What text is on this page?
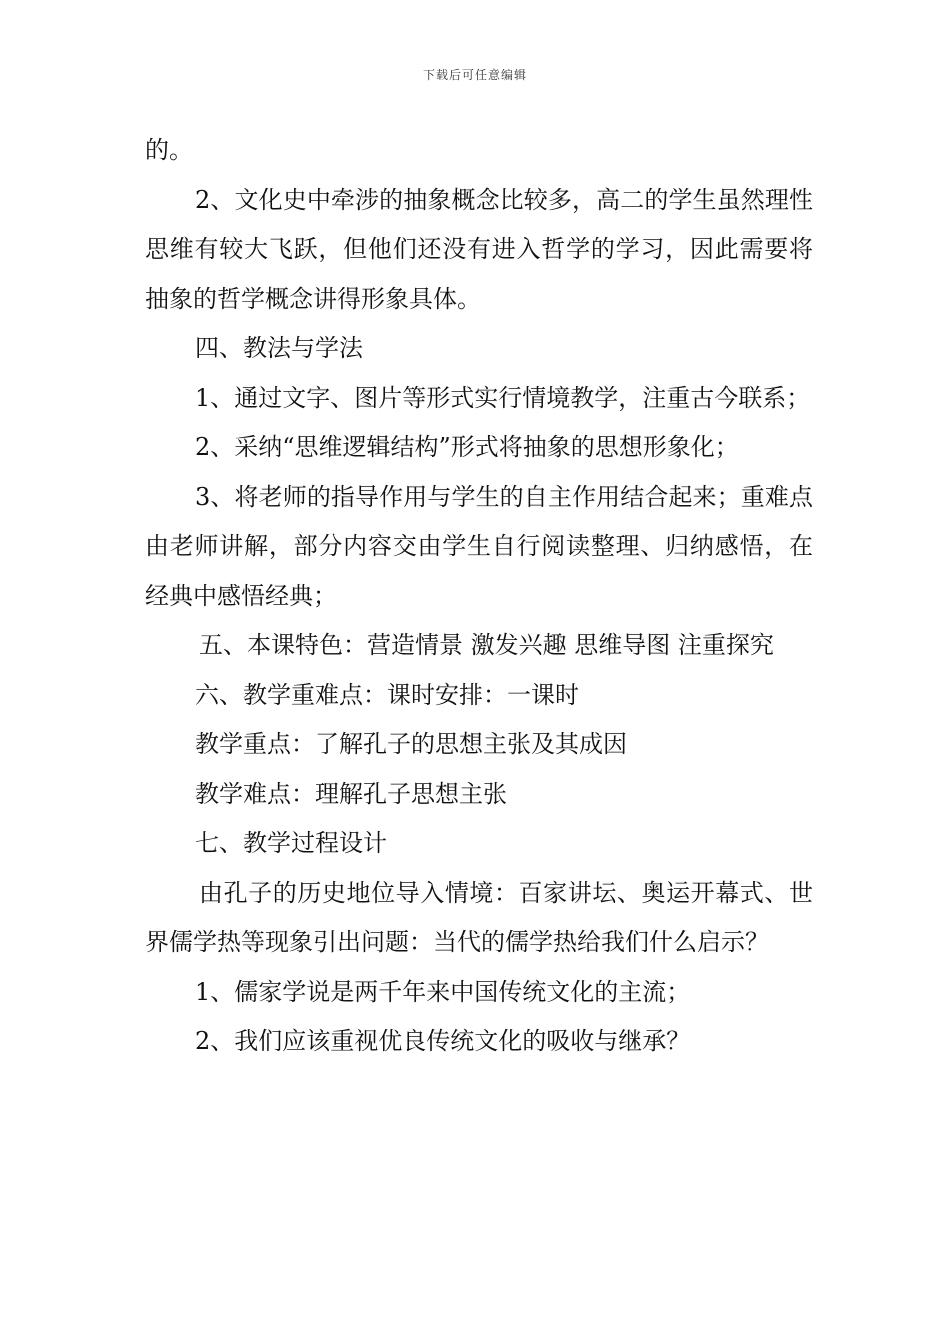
下载后可任意编辑

的。

2、文化史中牵涉的抽象概念比较多，高二的学生虽然理性思维有较大飞跃，但他们还没有进入哲学的学习，因此需要将抽象的哲学概念讲得形象具体。

四、教法与学法

1、通过文字、图片等形式实行情境教学，注重古今联系；

2、采纳“思维逻辑结构”形式将抽象的思想形象化；

3、将老师的指导作用与学生的自主作用结合起来；重难点由老师讲解，部分内容交由学生自行阅读整理、归纳感悟，在经典中感悟经典；

五、本课特色：营造情景 激发兴趣 思维导图 注重探究

六、教学重难点：课时安排：一课时

教学重点：了解孔子的思想主张及其成因

教学难点：理解孔子思想主张

七、教学过程设计

由孔子的历史地位导入情境：百家讲坛、奥运开幕式、世界儒学热等现象引出问题：当代的儒学热给我们什么启示？

1、儒家学说是两千年来中国传统文化的主流；

2、我们应该重视优良传统文化的吸收与继承？
